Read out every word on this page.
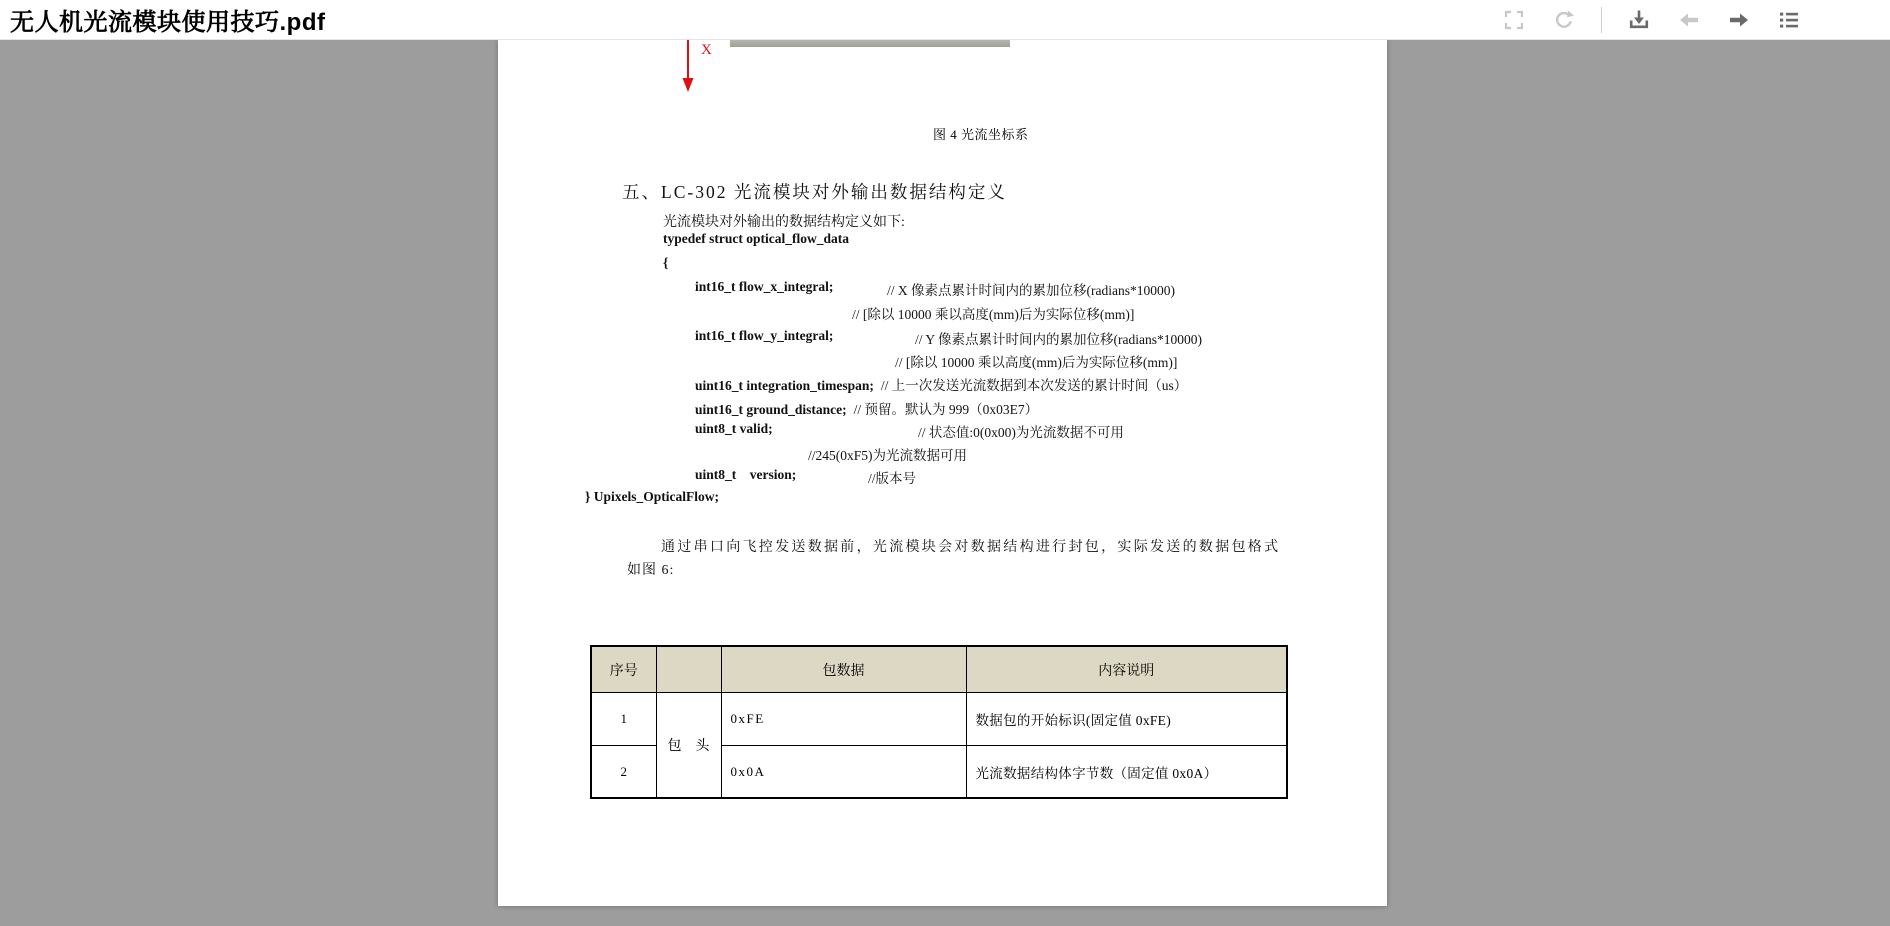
无人机光流模块使用技巧.pdf
X
图 4 光流坐标系
五、LC-302 光流模块对外输出数据结构定义
光流模块对外输出的数据结构定义如下:
typedef struct optical_flow_data
{
int16_t flow_x_integral;	// X 像素点累计时间内的累加位移(radians*10000)
// [除以 10000 乘以高度(mm)后为实际位移(mm)]
int16_t flow_y_integral;	// Y 像素点累计时间内的累加位移(radians*10000)
// [除以 10000 乘以高度(mm)后为实际位移(mm)]
uint16_t integration_timespan; // 上一次发送光流数据到本次发送的累计时间（us）
uint16_t ground_distance; // 预留。默认为 999（0x03E7）
uint8_t valid;	// 状态值:0(0x00)为光流数据不可用
//245(0xF5)为光流数据可用
uint8_t    version;	//版本号
} Upixels_OpticalFlow;
通过串口向飞控发送数据前，光流模块会对数据结构进行封包，实际发送的数据包格式
如图 6:
序号		包数据	内容说明
1	包　头	0xFE	数据包的开始标识(固定值 0xFE)
2		0x0A	光流数据结构体字节数（固定值 0x0A）
